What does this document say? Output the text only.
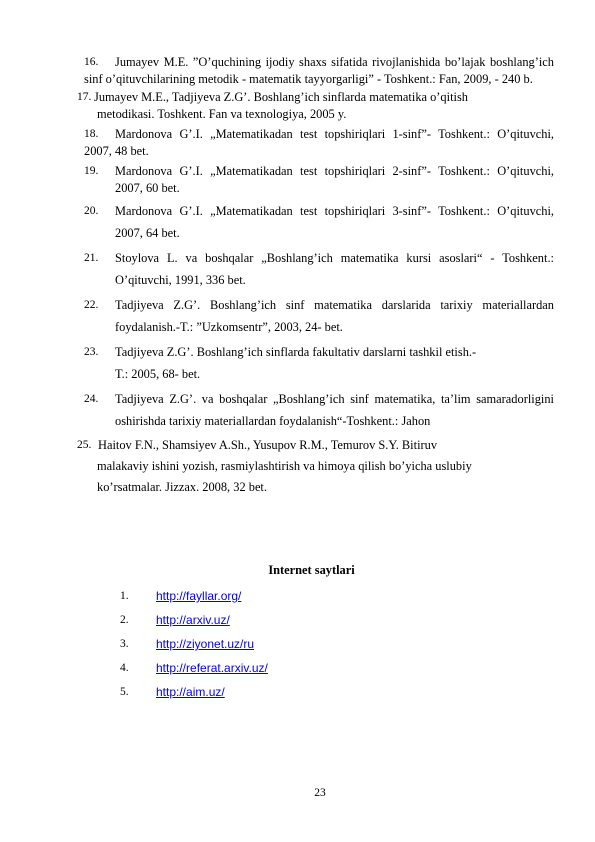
16.	Jumayev M.E. ”O’quchining ijodiy shaxs sifatida rivojlanishida bo’lajak boshlang’ich sinf o’qituvchilarining metodik - matematik tayyorgarligi” - Toshkent.: Fan, 2009, - 240 b.
17. Jumayev M.E., Tadjiyeva Z.G’. Boshlang’ich sinflarda matematika o’qitish
metodikasi. Toshkent. Fan va texnologiya, 2005 y.
18.	Mardonova G’.I. „Matematikadan test topshiriqlari 1-sinf”- Toshkent.: O’qituvchi, 2007, 48 bet.
19. Mardonova G’.I. „Matematikadan test topshiriqlari 2-sinf”- Toshkent.: O’qituvchi, 2007, 60 bet.
20. Mardonova G’.I. „Matematikadan test topshiriqlari 3-sinf”- Toshkent.: O’qituvchi, 2007, 64 bet.
21. Stoylova L. va boshqalar „Boshlang’ich matematika kursi asoslari“ - Toshkent.: O’qituvchi, 1991, 336 bet.
22. Tadjiyeva Z.G’. Boshlang’ich sinf matematika darslarida tarixiy materiallardan foydalanish.-T.: ”Uzkomsentr”, 2003, 24- bet.
23. Tadjiyeva Z.G’. Boshlang’ich sinflarda fakultativ darslarni tashkil etish.-
T.: 2005, 68- bet.
24. Tadjiyeva Z.G’. va boshqalar „Boshlang’ich sinf matematika, ta’lim samaradorligini oshirishda tarixiy materiallardan foydalanish“-Toshkent.: Jahon
25. Haitov F.N., Shamsiyev A.Sh., Yusupov R.M., Temurov S.Y. Bitiruv
malakaviy ishini yozish, rasmiylashtirish va himoya qilish bo’yicha uslubiy
ko’rsatmalar. Jizzax. 2008, 32 bet.
Internet saytlari
1. http://fayllar.org/
2. http://arxiv.uz/
3. http://ziyonet.uz/ru
4. http://referat.arxiv.uz/
5. http://aim.uz/
23
